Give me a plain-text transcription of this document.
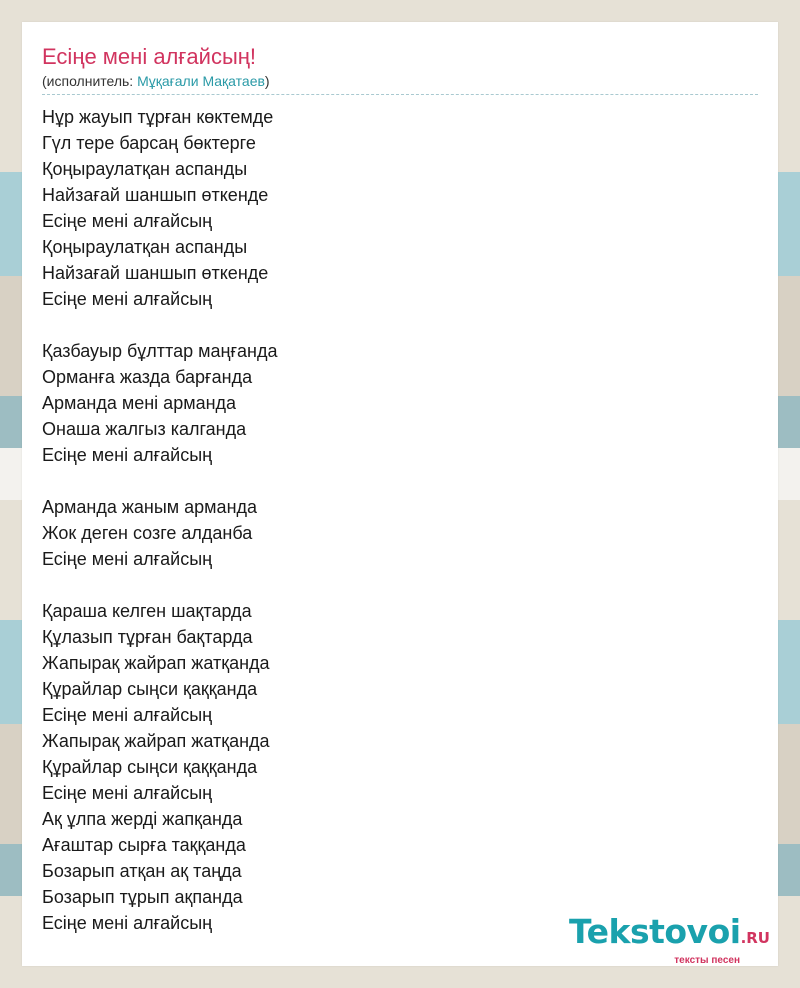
Есіңе мені алғайсың!
(исполнитель: Мұқағали Мақатаев)
Нұр жауып тұрған көктемде
Гүл тере барсаң бөктерге
Қоңыраулатқан аспанды
Найзағай шаншып өткенде
Есіңе мені алғайсың
Қоңыраулатқан аспанды
Найзағай шаншып өткенде
Есіңе мені алғайсың
Қазбауыр бұлттар маңғанда
Орманға жазда барғанда
Арманда мені арманда
Онаша жалгыз калганда
Есіңе мені алғайсың
Арманда жаным арманда
Жок деген созге алданба
Есіңе мені алғайсың
Қараша келген шақтарда
Құлазып тұрған бақтарда
Жапырақ жайрап жатқанда
Құрайлар сыңси қаққанда
Есіңе мені алғайсың
Жапырақ жайрап жатқанда
Құрайлар сыңси қаққанда
Есіңе мені алғайсың
Ақ ұлпа жерді жапқанда
Ағаштар сырға таққанда
Бозарып атқан ақ таңда
Бозарып тұрып ақпанда
Есіңе мені алғайсың	Tekstovoi.RU
тексты песен
